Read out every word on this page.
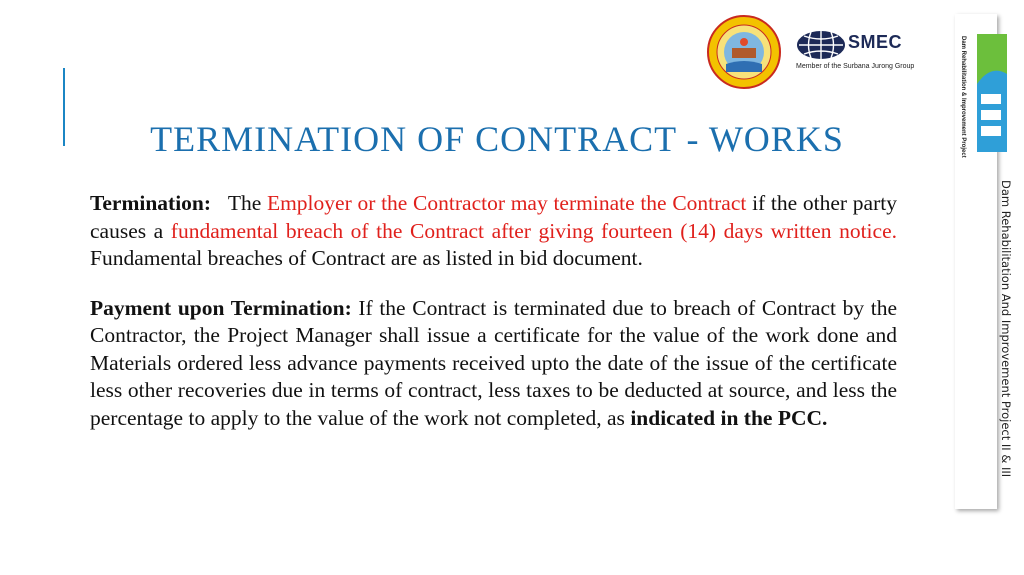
SMEC
Member of the Surbana Jurong Group	Dam Rehabilitation & Improvement Project
Dam Rehabilitation And Improvement Project II & III
TERMINATION OF CONTRACT - WORKS

Termination: The Employer or the Contractor may terminate the Contract if the other party causes a fundamental breach of the Contract after giving fourteen (14) days written notice. Fundamental breaches of Contract are as listed in bid document.

Payment upon Termination: If the Contract is terminated due to breach of Contract by the Contractor, the Project Manager shall issue a certificate for the value of the work done and Materials ordered less advance payments received upto the date of the issue of the certificate less other recoveries due in terms of contract, less taxes to be deducted at source, and less the percentage to apply to the value of the work not completed, as indicated in the PCC.
